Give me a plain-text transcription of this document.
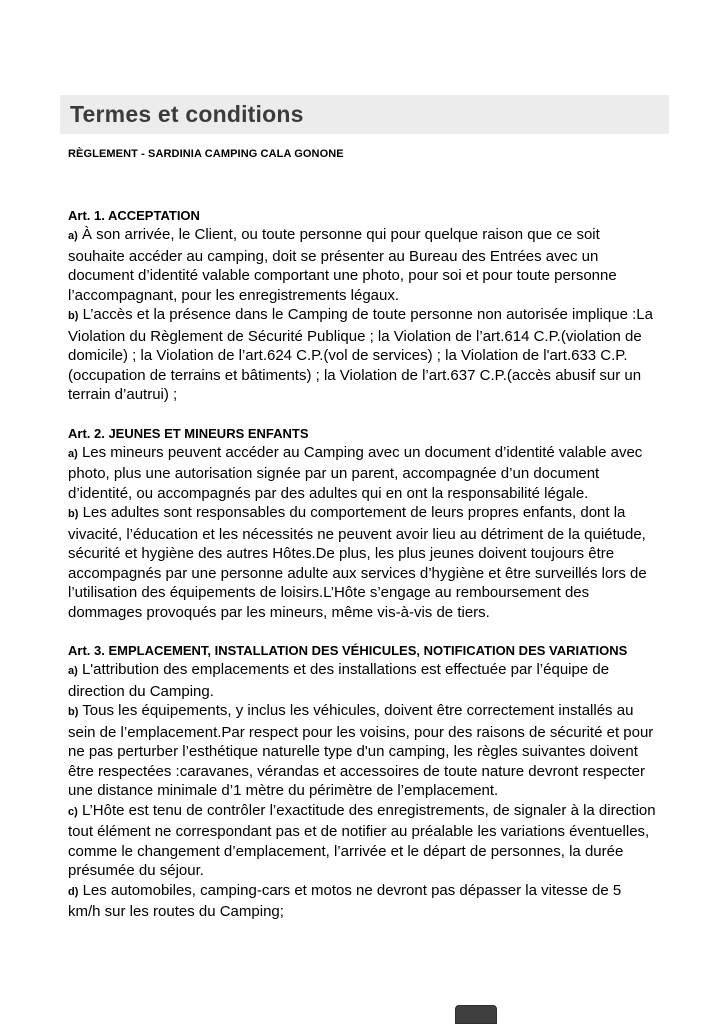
Termes et conditions
RÈGLEMENT - SARDINIA CAMPING CALA GONONE
Art. 1. ACCEPTATION

a) À son arrivée, le Client, ou toute personne qui pour quelque raison que ce soit souhaite accéder au camping, doit se présenter au Bureau des Entrées avec un document d’identité valable comportant une photo, pour soi et pour toute personne l’accompagnant, pour les enregistrements légaux.

b) L’accès et la présence dans le Camping de toute personne non autorisée implique :La Violation du Règlement de Sécurité Publique ; la Violation de l’art.614 C.P.(violation de domicile) ; la Violation de l’art.624 C.P.(vol de services) ; la Violation de l'art.633 C.P.(occupation de terrains et bâtiments) ; la Violation de l’art.637 C.P.(accès abusif sur un terrain d’autrui) ;

Art. 2. JEUNES ET MINEURS ENFANTS

a) Les mineurs peuvent accéder au Camping avec un document d’identité valable avec photo, plus une autorisation signée par un parent, accompagnée d’un document d’identité, ou accompagnés par des adultes qui en ont la responsabilité légale.

b) Les adultes sont responsables du comportement de leurs propres enfants, dont la vivacité, l’éducation et les nécessités ne peuvent avoir lieu au détriment de la quiétude, sécurité et hygiène des autres Hôtes.De plus, les plus jeunes doivent toujours être accompagnés par une personne adulte aux services d’hygiène et être surveillés lors de l’utilisation des équipements de loisirs.L’Hôte s’engage au remboursement des dommages provoqués par les mineurs, même vis-à-vis de tiers.

Art. 3. EMPLACEMENT, INSTALLATION DES VÉHICULES, NOTIFICATION DES VARIATIONS

a) L'attribution des emplacements et des installations est effectuée par l’équipe de direction du Camping.

b) Tous les équipements, y inclus les véhicules, doivent être correctement installés au sein de l’emplacement.Par respect pour les voisins, pour des raisons de sécurité et pour ne pas perturber l’esthétique naturelle type d'un camping, les règles suivantes doivent être respectées :caravanes, vérandas et accessoires de toute nature devront respecter une distance minimale d’1 mètre du périmètre de l’emplacement.

c) L’Hôte est tenu de contrôler l’exactitude des enregistrements, de signaler à la direction tout élément ne correspondant pas et de notifier au préalable les variations éventuelles, comme le changement d’emplacement, l’arrivée et le départ de personnes, la durée présumée du séjour.

d) Les automobiles, camping-cars et motos ne devront pas dépasser la vitesse de 5 km/h sur les routes du Camping;
